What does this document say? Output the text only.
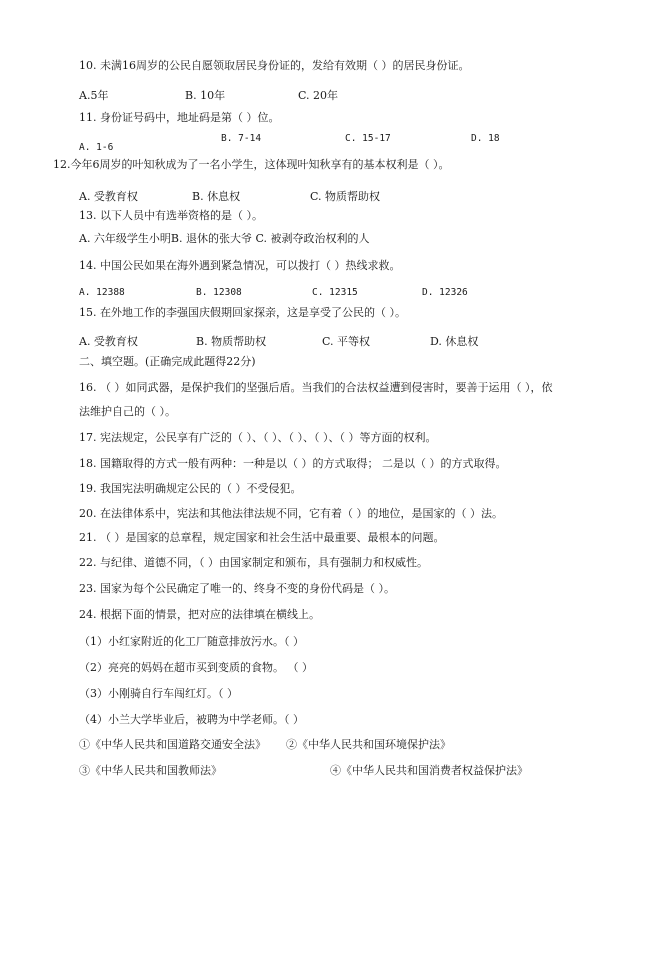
10. 未满16周岁的公民自愿领取居民身份证的，发给有效期（ ）的居民身份证。
A.5年	B. 10年	C. 20年
11. 身份证号码中，地址码是第（ ）位。
A. 1-6
B. 7-14	C. 15-17	D. 18
12.今年6周岁的叶知秋成为了一名小学生，这体现叶知秋享有的基本权利是（ ）。
A. 受教育权	B. 休息权	C. 物质帮助权
13. 以下人员中有选举资格的是（ ）。
A. 六年级学生小明B. 退休的张大爷 C. 被剥夺政治权利的人
14. 中国公民如果在海外遇到紧急情况，可以拨打（ ）热线求救。
A. 12388	B. 12308	C. 12315	D. 12326
15. 在外地工作的李强国庆假期回家探亲，这是享受了公民的（ ）。
A. 受教育权	B. 物质帮助权	C. 平等权	D. 休息权
二、填空题。(正确完成此题得22分)
16. （ ）如同武器，是保护我们的坚强后盾。当我们的合法权益遭到侵害时，要善于运用（ ），依
法维护自己的（ ）。
17. 宪法规定，公民享有广泛的（ ）、（ ）、（ ）、（ ）、（ ）等方面的权利。
18. 国籍取得的方式一般有两种：一种是以（ ）的方式取得； 二是以（ ）的方式取得。
19. 我国宪法明确规定公民的（ ）不受侵犯。
20. 在法律体系中，宪法和其他法律法规不同，它有着（ ）的地位，是国家的（ ）法。
21. （ ）是国家的总章程，规定国家和社会生活中最重要、最根本的问题。
22. 与纪律、道德不同，（ ）由国家制定和颁布，具有强制力和权威性。
23. 国家为每个公民确定了唯一的、终身不变的身份代码是（ ）。
24. 根据下面的情景，把对应的法律填在横线上。
（1）小红家附近的化工厂随意排放污水。（ ）
（2）亮亮的妈妈在超市买到变质的食物。 （ ）
（3）小刚骑自行车闯红灯。（ ）
（4）小兰大学毕业后，被聘为中学老师。（ ）
①《中华人民共和国道路交通安全法》 ②《中华人民共和国环境保护法》
③《中华人民共和国教师法》	④《中华人民共和国消费者权益保护法》
